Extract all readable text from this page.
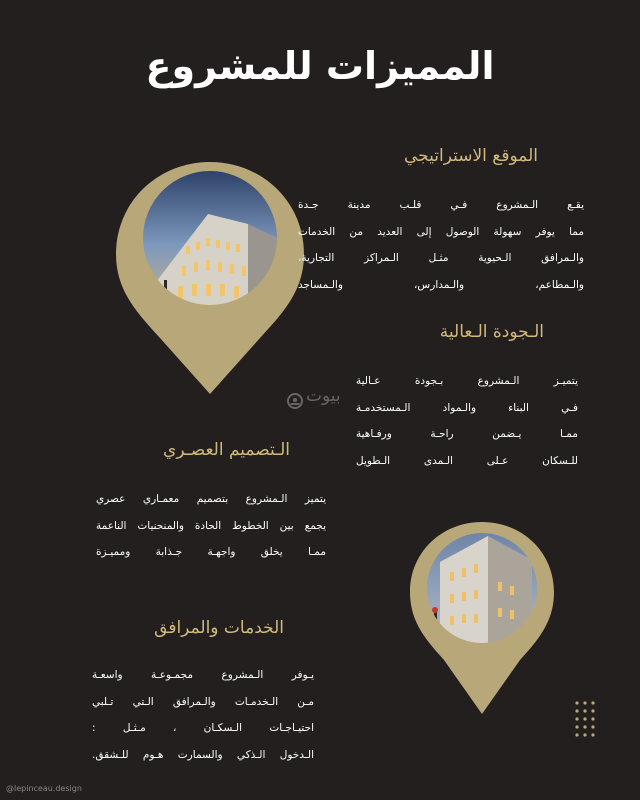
المميزات للمشروع
الموقع الاستراتيجي
يقـع الـمشروع فـي قلـب مدينة جـدة
مما يوفر سهولة الوصول إلى العديد من الخدمات
والـمرافق الـحيوية مثـل الـمراكز التجارية،
والـمطاعم، والـمدارس، والـمساجد
الـجودة الـعالية
يتميـز الـمشروع بـجودة عـالية
فـي البناء والـمواد الـمستخدمـة
ممـا يـضمن راحـة ورفـاهية
للـسكان عـلى الـمدى الـطويل
بيوت
الـتصميم العصـري
يتميز الـمشروع بتصميم معمـاري عصري
يجمع بين الخطوط الحادة والمنحنيات الناعمة
ممـا يخلق واجهـة جـذابة ومميـزة
الخدمات والمرافق
يـوفر الـمشروع مجمـوعـة واسعـة
مـن الـخدمـات والـمرافق الـتي تـلبي
احتيـاجـات الـسكـان ، مـثـل :
الـدخول الـذكي والسمارت هـوم للـشقق.
@lepinceau.design
